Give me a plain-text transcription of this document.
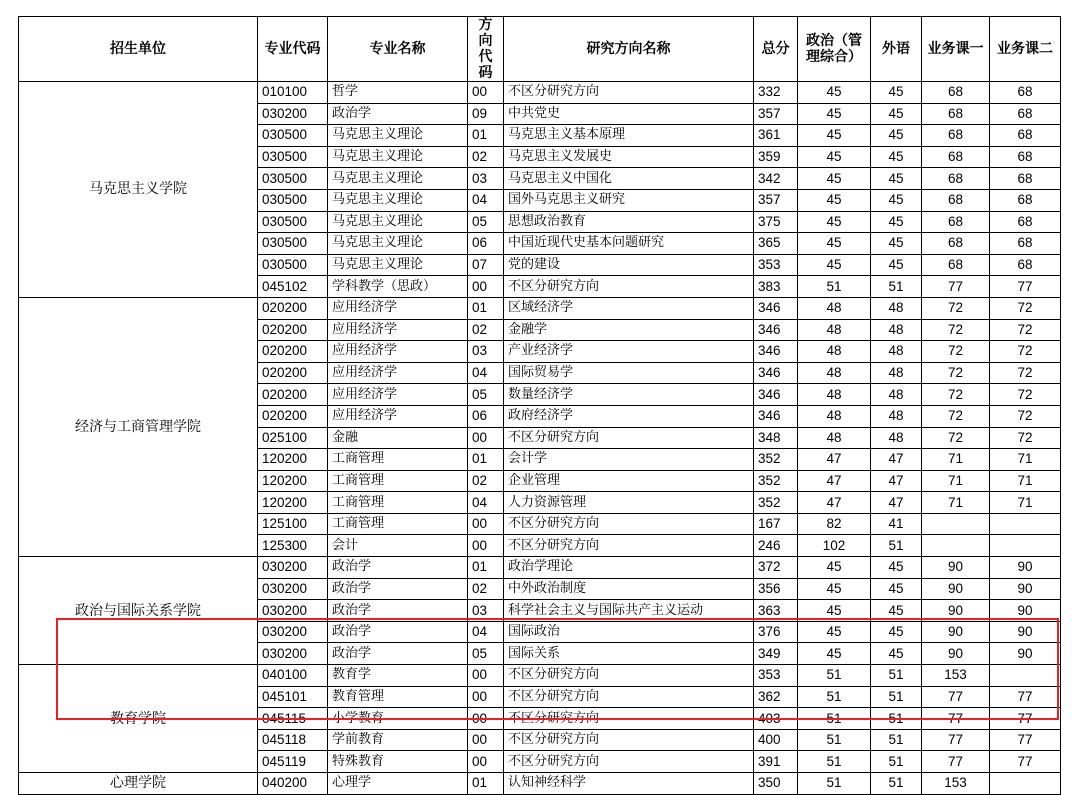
招生单位	专业代码	专业名称	方向代码	研究方向名称	总分	政治（管理综合）	外语	业务课一	业务课二
马克思主义学院	010100	哲学	00	不区分研究方向	332	45	45	68	68
	030200	政治学	09	中共党史	357	45	45	68	68
	030500	马克思主义理论	01	马克思主义基本原理	361	45	45	68	68
	030500	马克思主义理论	02	马克思主义发展史	359	45	45	68	68
	030500	马克思主义理论	03	马克思主义中国化	342	45	45	68	68
	030500	马克思主义理论	04	国外马克思主义研究	357	45	45	68	68
	030500	马克思主义理论	05	思想政治教育	375	45	45	68	68
	030500	马克思主义理论	06	中国近现代史基本问题研究	365	45	45	68	68
	030500	马克思主义理论	07	党的建设	353	45	45	68	68
	045102	学科教学（思政）	00	不区分研究方向	383	51	51	77	77
经济与工商管理学院	020200	应用经济学	01	区域经济学	346	48	48	72	72
	020200	应用经济学	02	金融学	346	48	48	72	72
	020200	应用经济学	03	产业经济学	346	48	48	72	72
	020200	应用经济学	04	国际贸易学	346	48	48	72	72
	020200	应用经济学	05	数量经济学	346	48	48	72	72
	020200	应用经济学	06	政府经济学	346	48	48	72	72
	025100	金融	00	不区分研究方向	348	48	48	72	72
	120200	工商管理	01	会计学	352	47	47	71	71
	120200	工商管理	02	企业管理	352	47	47	71	71
	120200	工商管理	04	人力资源管理	352	47	47	71	71
	125100	工商管理	00	不区分研究方向	167	82	41		
	125300	会计	00	不区分研究方向	246	102	51		
政治与国际关系学院	030200	政治学	01	政治学理论	372	45	45	90	90
	030200	政治学	02	中外政治制度	356	45	45	90	90
	030200	政治学	03	科学社会主义与国际共产主义运动	363	45	45	90	90
	030200	政治学	04	国际政治	376	45	45	90	90
	030200	政治学	05	国际关系	349	45	45	90	90
教育学院	040100	教育学	00	不区分研究方向	353	51	51	153	
	045101	教育管理	00	不区分研究方向	362	51	51	77	77
	045115	小学教育	00	不区分研究方向	403	51	51	77	77
	045118	学前教育	00	不区分研究方向	400	51	51	77	77
	045119	特殊教育	00	不区分研究方向	391	51	51	77	77
心理学院	040200	心理学	01	认知神经科学	350	51	51	153	
